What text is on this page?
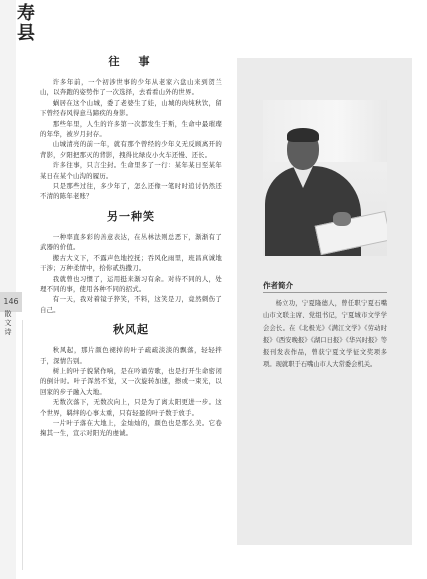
寿县
146
散文诗
往　事

许多年前，一个初涉世事的少年从老家六盘山来到贺兰山，以奔跑的姿势作了一次选择，去看看山外的世界。

蜗居在这个山城，委了老婆生了娃，山城的肉炖秋饮，留下曾经春风得意马蹄疾的身影。

那些年里，人生的许多第一次都发生于斯，生命中最璀璨的年华，被岁月封存。

山城清亮的前一年，就有那个曾经的少年义无反顾离开的背影，夕阳把那灭的背影，拽得比绿皮小火车还慢、还长。

许多往事，只言尘封。生命里多了一行：某年某日至某年某日在某个山沟的履历。

只是那些过往，多少年了，怎么还像一笔时时追讨仍然还不清的陈年老账？

另一种笑

一种率直多彩的善意表达，在丛林法则总恶下，渐渐有了武器的价值。

搬古大义下，不露声色地控抚；吞风化雨里，班昌真诚地干涉；万种柔情中，拾你贰热撒刀。

我就曾也习惯了，运用挺来渐习有余。对待不同的人，处理不同的事，使用各种不同的招式。

有一天，我对着镜子猝笑，不料，这笑是刀，竟然刺伤了自己。

秋风起

秋风起，那片颜色褪掉的叶子疏疏淡淡的飘落，轻轻拌于，深情告别。

树上的叶子貌紧作响，是在吟诵劳歌，也是打开生命密闭的倒计时。叶子浑然不觉，又一次旋转加速，擦或一束光，以回家的步子融入大地。

无数次落下，无数次向上，只是为了离太阳更进一步。这个世界，羁绊的心事太重，只有轻盈的叶子数于放手。

一片叶子落在大地上，金灿灿的，颜色也是那么美。它卷掬其一生，宣示对阳光的虔诚。

作者简介

杨立功，宁夏隆德人，曾任职宁夏石嘴山市文联主席、党组书记，宁夏城市文学学会会长。在《北极光》《满江文学》《劳动时报》《西安晚报》《湖口日报》《华兴时报》等报刊发表作品，曾获宁夏文学征文奖项多项。现就职于石嘴山市人大常委会机关。
